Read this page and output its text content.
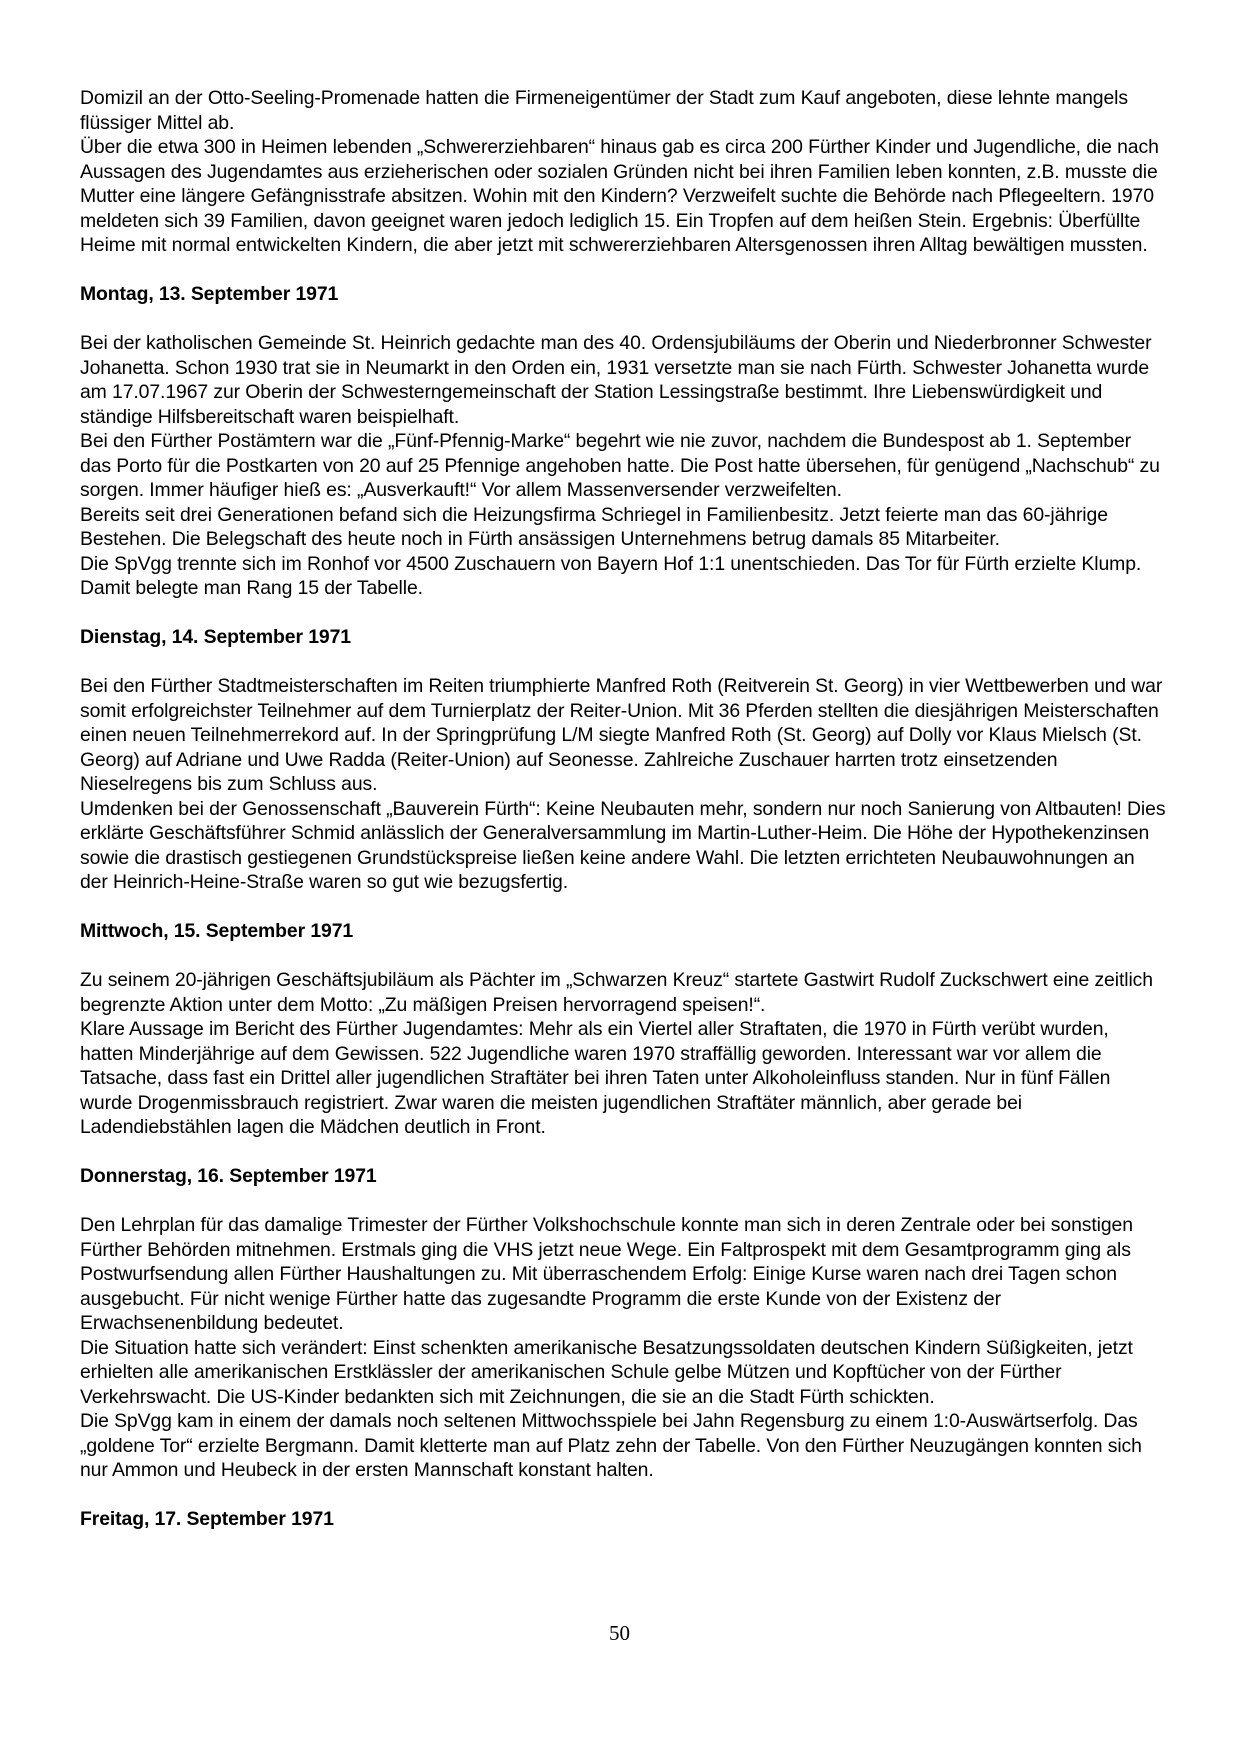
Domizil an der Otto-Seeling-Promenade hatten die Firmeneigentümer der Stadt zum Kauf angeboten, diese lehnte mangels flüssiger Mittel ab.

Über die etwa 300 in Heimen lebenden „Schwererziehbaren“ hinaus gab es circa 200 Fürther Kinder und Jugendliche, die nach Aussagen des Jugendamtes aus erzieherischen oder sozialen Gründen nicht bei ihren Familien leben konnten, z.B. musste die Mutter eine längere Gefängnisstrafe absitzen. Wohin mit den Kindern? Verzweifelt suchte die Behörde nach Pflegeeltern. 1970 meldeten sich 39 Familien, davon geeignet waren jedoch lediglich 15. Ein Tropfen auf dem heißen Stein. Ergebnis: Überfüllte Heime mit normal entwickelten Kindern, die aber jetzt mit schwererziehbaren Altersgenossen ihren Alltag bewältigen mussten.

Montag, 13. September 1971

Bei der katholischen Gemeinde St. Heinrich gedachte man des 40. Ordensjubiläums der Oberin und Niederbronner Schwester Johanetta. Schon 1930 trat sie in Neumarkt in den Orden ein, 1931 versetzte man sie nach Fürth. Schwester Johanetta wurde am 17.07.1967 zur Oberin der Schwesterngemeinschaft der Station Lessingstraße bestimmt. Ihre Liebenswürdigkeit und ständige Hilfsbereitschaft waren beispielhaft.

Bei den Fürther Postämtern war die „Fünf-Pfennig-Marke“ begehrt wie nie zuvor, nachdem die Bundespost ab 1. September das Porto für die Postkarten von 20 auf 25 Pfennige angehoben hatte. Die Post hatte übersehen, für genügend „Nachschub“ zu sorgen. Immer häufiger hieß es: „Ausverkauft!“ Vor allem Massenversender verzweifelten.

Bereits seit drei Generationen befand sich die Heizungsfirma Schriegel in Familienbesitz. Jetzt feierte man das 60-jährige Bestehen. Die Belegschaft des heute noch in Fürth ansässigen Unternehmens betrug damals 85 Mitarbeiter.

Die SpVgg trennte sich im Ronhof vor 4500 Zuschauern von Bayern Hof 1:1 unentschieden. Das Tor für Fürth erzielte Klump. Damit belegte man Rang 15 der Tabelle.

Dienstag, 14. September 1971

Bei den Fürther Stadtmeisterschaften im Reiten triumphierte Manfred Roth (Reitverein St. Georg) in vier Wettbewerben und war somit erfolgreichster Teilnehmer auf dem Turnierplatz der Reiter-Union. Mit 36 Pferden stellten die diesjährigen Meisterschaften einen neuen Teilnehmerrekord auf. In der Springprüfung L/M siegte Manfred Roth (St. Georg) auf Dolly vor Klaus Mielsch (St. Georg) auf Adriane und Uwe Radda (Reiter-Union) auf Seonesse. Zahlreiche Zuschauer harrten trotz einsetzenden Nieselregens bis zum Schluss aus.

Umdenken bei der Genossenschaft „Bauverein Fürth“: Keine Neubauten mehr, sondern nur noch Sanierung von Altbauten! Dies erklärte Geschäftsführer Schmid anlässlich der Generalversammlung im Martin-Luther-Heim. Die Höhe der Hypothekenzinsen sowie die drastisch gestiegenen Grundstückspreise ließen keine andere Wahl. Die letzten errichteten Neubauwohnungen an der Heinrich-Heine-Straße waren so gut wie bezugsfertig.

Mittwoch, 15. September 1971

Zu seinem 20-jährigen Geschäftsjubiläum als Pächter im „Schwarzen Kreuz“ startete Gastwirt Rudolf Zuckschwert eine zeitlich begrenzte Aktion unter dem Motto: „Zu mäßigen Preisen hervorragend speisen!“.

Klare Aussage im Bericht des Fürther Jugendamtes: Mehr als ein Viertel aller Straftaten, die 1970 in Fürth verübt wurden, hatten Minderjährige auf dem Gewissen. 522 Jugendliche waren 1970 straffällig geworden. Interessant war vor allem die Tatsache, dass fast ein Drittel aller jugendlichen Straftäter bei ihren Taten unter Alkoholeinfluss standen. Nur in fünf Fällen wurde Drogenmissbrauch registriert. Zwar waren die meisten jugendlichen Straftäter männlich, aber gerade bei Ladendiebstählen lagen die Mädchen deutlich in Front.

Donnerstag, 16. September 1971

Den Lehrplan für das damalige Trimester der Fürther Volkshochschule konnte man sich in deren Zentrale oder bei sonstigen Fürther Behörden mitnehmen. Erstmals ging die VHS jetzt neue Wege. Ein Faltprospekt mit dem Gesamtprogramm ging als Postwurfsendung allen Fürther Haushaltungen zu. Mit überraschendem Erfolg: Einige Kurse waren nach drei Tagen schon ausgebucht. Für nicht wenige Fürther hatte das zugesandte Programm die erste Kunde von der Existenz der Erwachsenenbildung bedeutet.

Die Situation hatte sich verändert: Einst schenkten amerikanische Besatzungssoldaten deutschen Kindern Süßigkeiten, jetzt erhielten alle amerikanischen Erstklässler der amerikanischen Schule gelbe Mützen und Kopftücher von der Fürther Verkehrswacht. Die US-Kinder bedankten sich mit Zeichnungen, die sie an die Stadt Fürth schickten.

Die SpVgg kam in einem der damals noch seltenen Mittwochsspiele bei Jahn Regensburg zu einem 1:0-Auswärtserfolg. Das „goldene Tor“ erzielte Bergmann. Damit kletterte man auf Platz zehn der Tabelle. Von den Fürther Neuzugängen konnten sich nur Ammon und Heubeck in der ersten Mannschaft konstant halten.

Freitag, 17. September 1971
50
